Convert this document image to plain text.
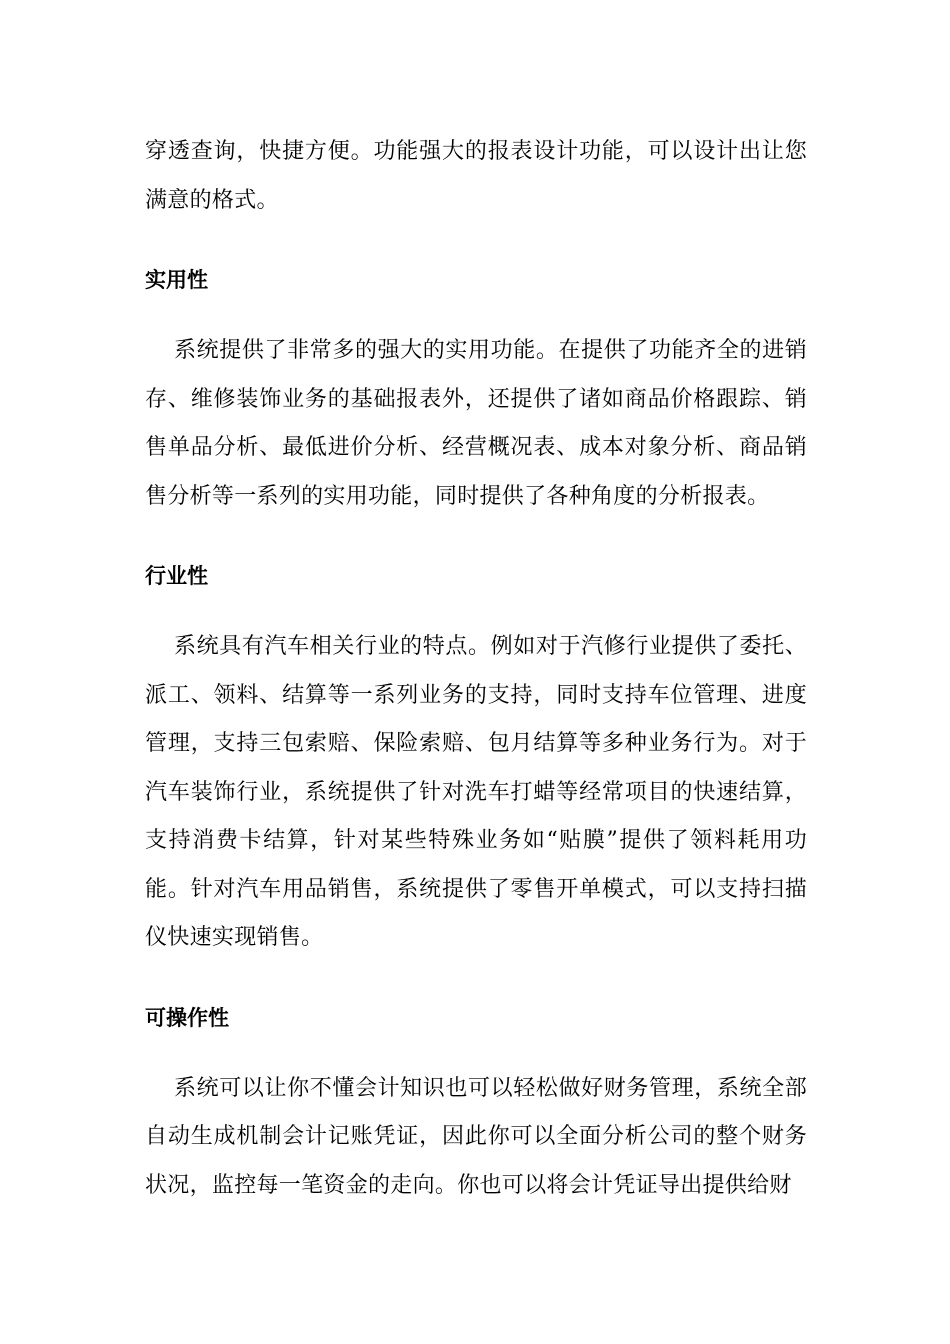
穿透查询，快捷方便。功能强大的报表设计功能，可以设计出让您满意的格式。

实用性

系统提供了非常多的强大的实用功能。在提供了功能齐全的进销存、维修装饰业务的基础报表外，还提供了诸如商品价格跟踪、销售单品分析、最低进价分析、经营概况表、成本对象分析、商品销售分析等一系列的实用功能，同时提供了各种角度的分析报表。

行业性

系统具有汽车相关行业的特点。例如对于汽修行业提供了委托、派工、领料、结算等一系列业务的支持，同时支持车位管理、进度管理，支持三包索赔、保险索赔、包月结算等多种业务行为。对于汽车装饰行业，系统提供了针对洗车打蜡等经常项目的快速结算，支持消费卡结算，针对某些特殊业务如“贴膜”提供了领料耗用功能。针对汽车用品销售，系统提供了零售开单模式，可以支持扫描仪快速实现销售。

可操作性

系统可以让你不懂会计知识也可以轻松做好财务管理，系统全部自动生成机制会计记账凭证，因此你可以全面分析公司的整个财务状况，监控每一笔资金的走向。你也可以将会计凭证导出提供给财
